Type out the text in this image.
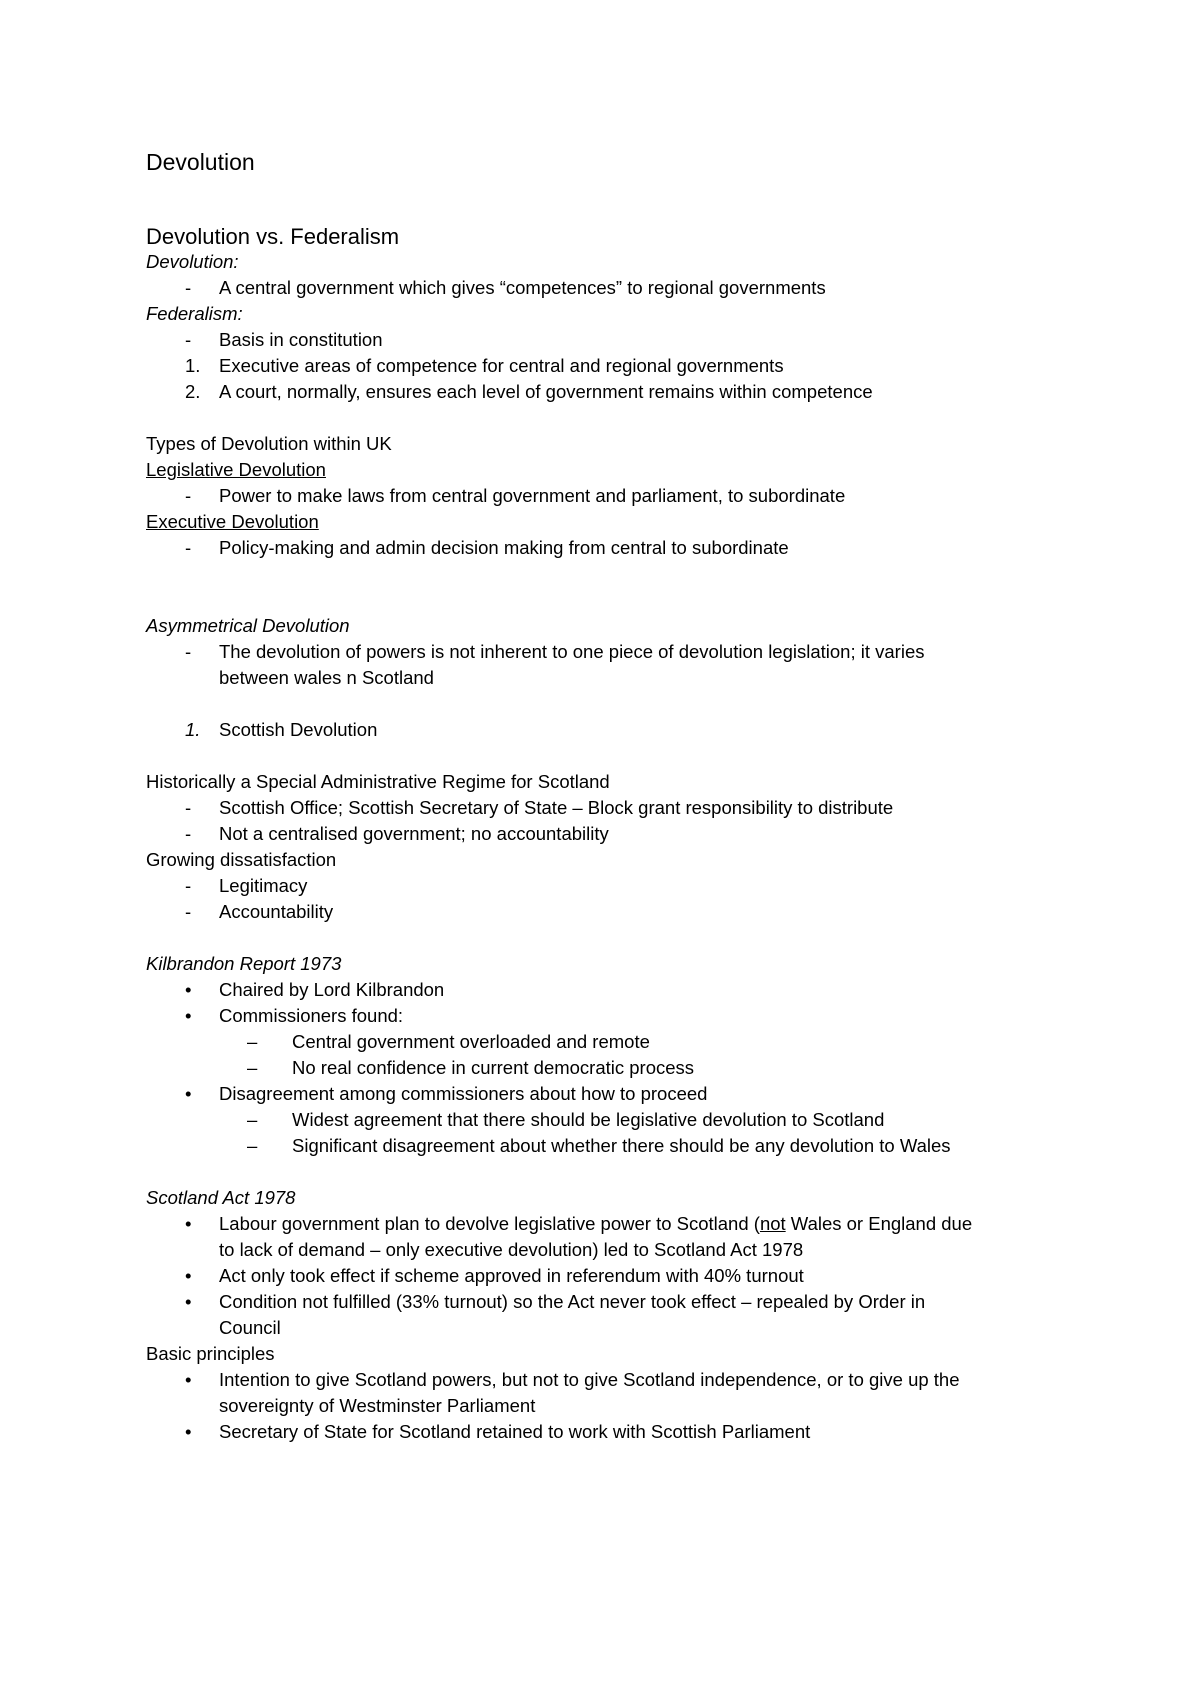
Devolution
Devolution vs. Federalism
Devolution:
-	A central government which gives “competences” to regional governments
Federalism:
-	Basis in constitution
1.	Executive areas of competence for central and regional governments
2.	A court, normally, ensures each level of government remains within competence
Types of Devolution within UK
Legislative Devolution
-	Power to make laws from central government and parliament, to subordinate
Executive Devolution
-	Policy-making and admin decision making from central to subordinate
Asymmetrical Devolution
-	The devolution of powers is not inherent to one piece of devolution legislation; it varies
between wales n Scotland
1.	Scottish Devolution
Historically a Special Administrative Regime for Scotland
-	Scottish Office; Scottish Secretary of State – Block grant responsibility to distribute
-	Not a centralised government; no accountability
Growing dissatisfaction
-	Legitimacy
-	Accountability
Kilbrandon Report 1973
•	Chaired by Lord Kilbrandon
•	Commissioners found:
–	Central government overloaded and remote
–	No real confidence in current democratic process
•	Disagreement among commissioners about how to proceed
–	Widest agreement that there should be legislative devolution to Scotland
–	Significant disagreement about whether there should be any devolution to Wales
Scotland Act 1978
•	Labour government plan to devolve legislative power to Scotland (not Wales or England due
to lack of demand – only executive devolution) led to Scotland Act 1978
•	Act only took effect if scheme approved in referendum with 40% turnout
•	Condition not fulfilled (33% turnout) so the Act never took effect – repealed by Order in
Council
Basic principles
•	Intention to give Scotland powers, but not to give Scotland independence, or to give up the
sovereignty of Westminster Parliament
•	Secretary of State for Scotland retained to work with Scottish Parliament
